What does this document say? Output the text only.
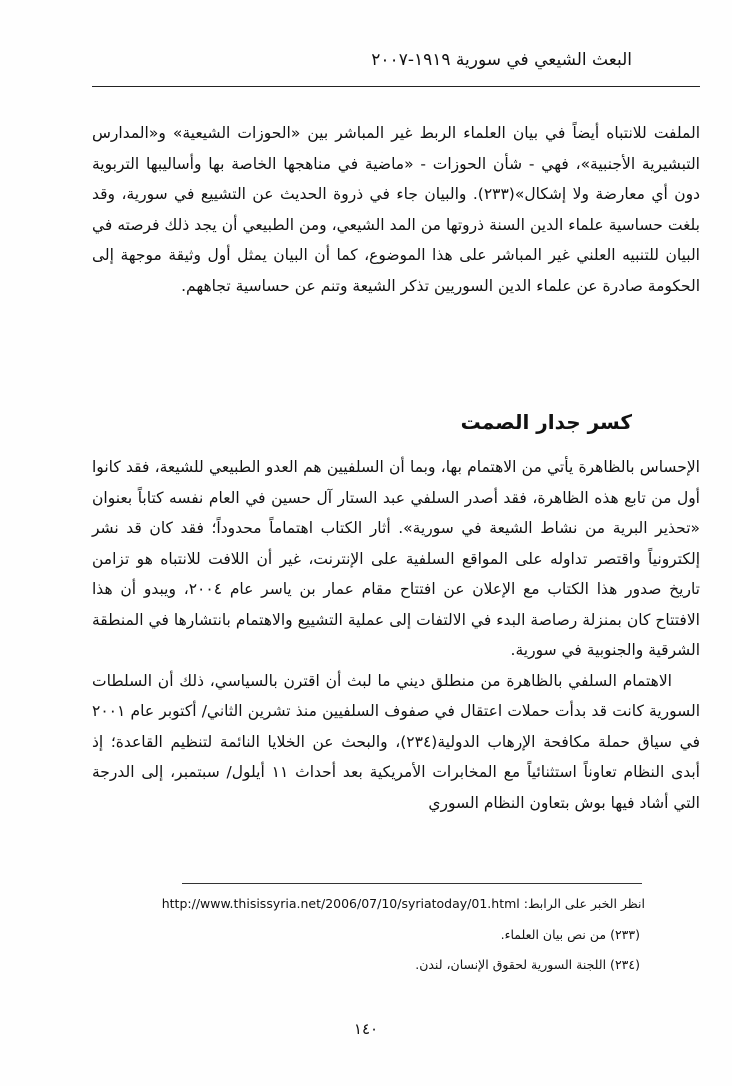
البعث الشيعي في سورية ١٩١٩-٢٠٠٧

الملفت للانتباه أيضاً في بيان العلماء الربط غير المباشر بين «الحوزات الشيعية» و«المدارس التبشيرية الأجنبية»، فهي - شأن الحوزات - «ماضية في مناهجها الخاصة بها وأساليبها التربوية دون أي معارضة ولا إشكال»(٢٣٣). والبيان جاء في ذروة الحديث عن التشييع في سورية، وقد بلغت حساسية علماء الدين السنة ذروتها من المد الشيعي، ومن الطبيعي أن يجد ذلك فرصته في البيان للتنبيه العلني غير المباشر على هذا الموضوع، كما أن البيان يمثل أول وثيقة موجهة إلى الحكومة صادرة عن علماء الدين السوريين تذكر الشيعة وتنم عن حساسية تجاههم.

كسر جدار الصمت

الإحساس بالظاهرة يأتي من الاهتمام بها، وبما أن السلفيين هم العدو الطبيعي للشيعة، فقد كانوا أول من تابع هذه الظاهرة، فقد أصدر السلفي عبد الستار آل حسين في العام نفسه كتاباً بعنوان «تحذير البرية من نشاط الشيعة في سورية». أثار الكتاب اهتماماً محدوداً؛ فقد كان قد نشر إلكترونياً واقتصر تداوله على المواقع السلفية على الإنترنت، غير أن اللافت للانتباه هو تزامن تاريخ صدور هذا الكتاب مع الإعلان عن افتتاح مقام عمار بن ياسر عام ٢٠٠٤، ويبدو أن هذا الافتتاح كان بمنزلة رصاصة البدء في الالتفات إلى عملية التشييع والاهتمام بانتشارها في المنطقة الشرقية والجنوبية في سورية.

الاهتمام السلفي بالظاهرة من منطلق ديني ما لبث أن اقترن بالسياسي، ذلك أن السلطات السورية كانت قد بدأت حملات اعتقال في صفوف السلفيين منذ تشرين الثاني/ أكتوبر عام ٢٠٠١ في سياق حملة مكافحة الإرهاب الدولية(٢٣٤)، والبحث عن الخلايا النائمة لتنظيم القاعدة؛ إذ أبدى النظام تعاوناً استثنائياً مع المخابرات الأمريكية بعد أحداث ١١ أيلول/ سبتمبر، إلى الدرجة التي أشاد فيها بوش بتعاون النظام السوري

انظر الخبر على الرابط: http://www.thisissyria.net/2006/07/10/syriatoday/01.html
(٢٣٣) من نص بيان العلماء.
(٢٣٤) اللجنة السورية لحقوق الإنسان، لندن.
١٤٠
